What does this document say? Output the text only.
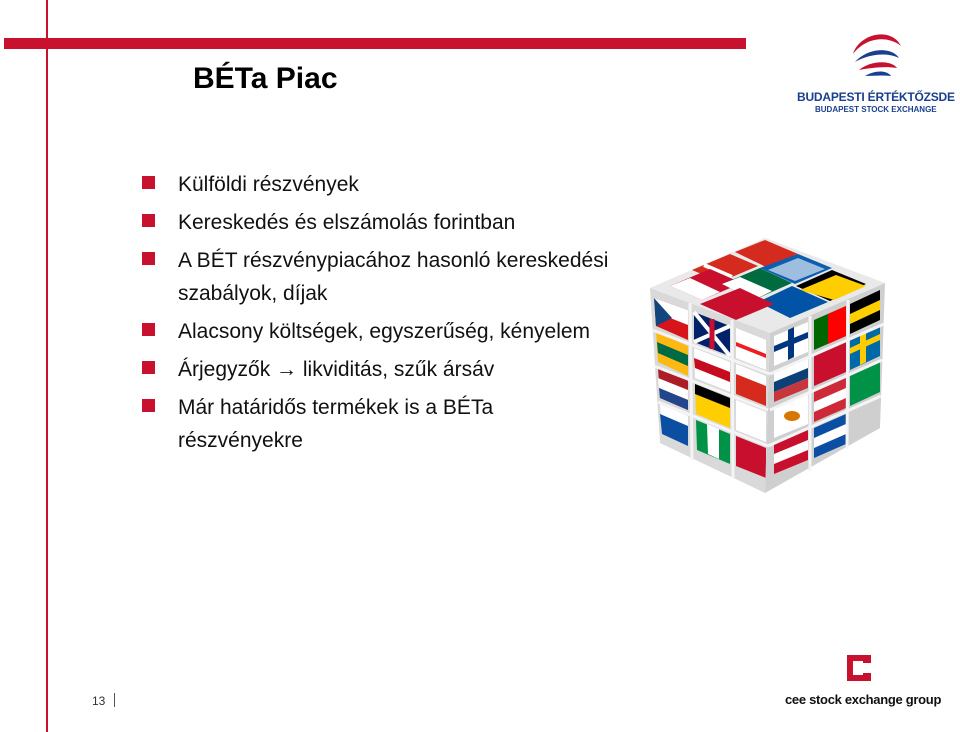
BÉTa Piac
BUDAPESTI ÉRTÉKTŐZSDE
BUDAPEST STOCK EXCHANGE
Külföldi részvények
Kereskedés és elszámolás forintban
A BÉT részvénypiacához hasonló kereskedési szabályok, díjak
Alacsony költségek, egyszerűség, kényelem
Árjegyzők → likviditás, szűk ársáv
Már határidős termékek is a BÉTa részvényekre
13	cee stock exchange group
